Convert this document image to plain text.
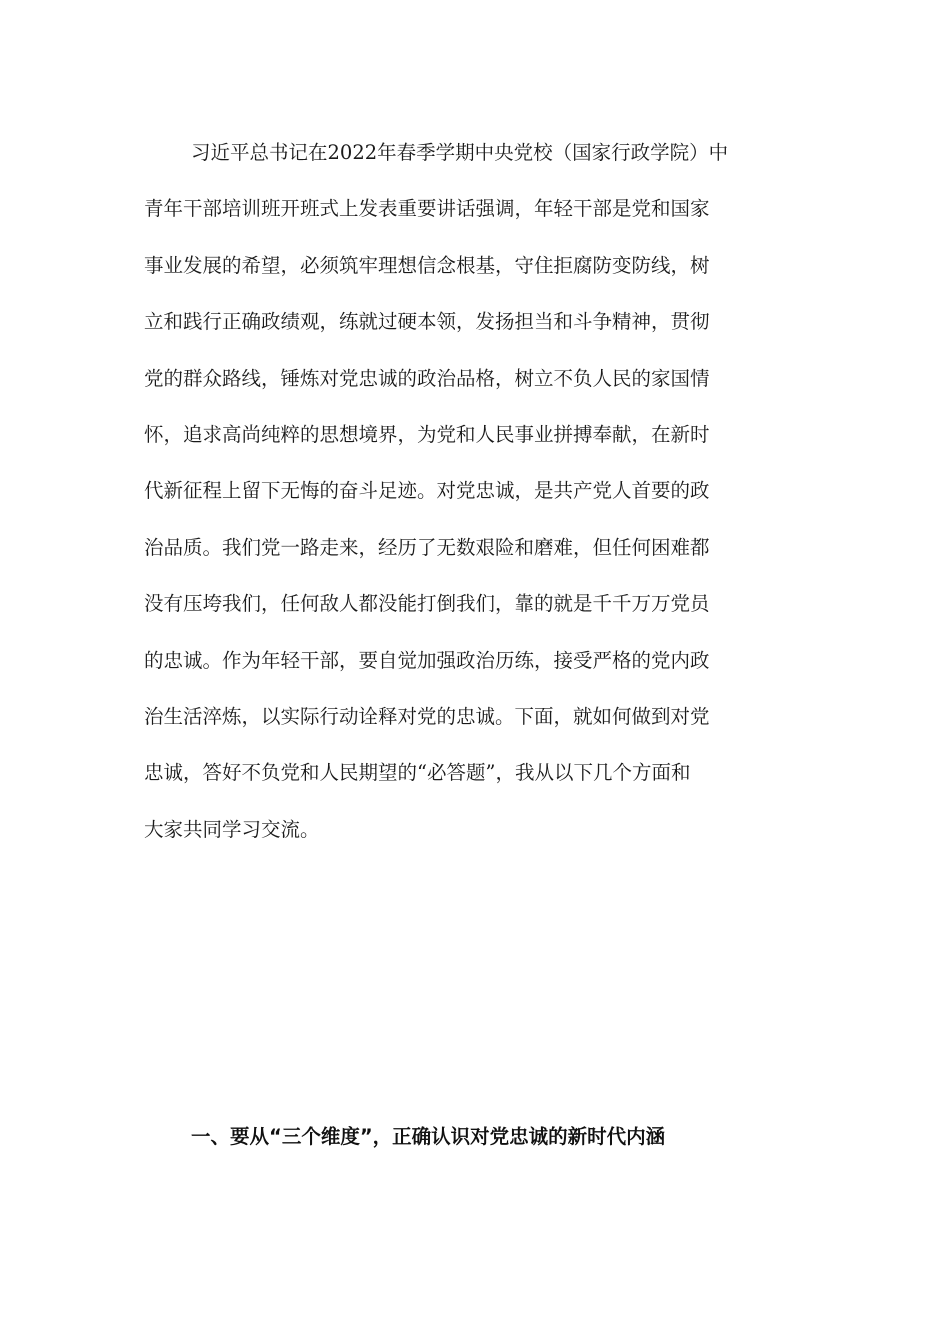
习近平总书记在2022年春季学期中央党校（国家行政学院）中
青年干部培训班开班式上发表重要讲话强调，年轻干部是党和国家
事业发展的希望，必须筑牢理想信念根基，守住拒腐防变防线，树
立和践行正确政绩观，练就过硬本领，发扬担当和斗争精神，贯彻
党的群众路线，锤炼对党忠诚的政治品格，树立不负人民的家国情
怀，追求高尚纯粹的思想境界，为党和人民事业拼搏奉献，在新时
代新征程上留下无悔的奋斗足迹。对党忠诚，是共产党人首要的政
治品质。我们党一路走来，经历了无数艰险和磨难，但任何困难都
没有压垮我们，任何敌人都没能打倒我们，靠的就是千千万万党员
的忠诚。作为年轻干部，要自觉加强政治历练，接受严格的党内政
治生活淬炼，以实际行动诠释对党的忠诚。下面，就如何做到对党
忠诚，答好不负党和人民期望的“必答题”，我从以下几个方面和
大家共同学习交流。
一、要从“三个维度”，正确认识对党忠诚的新时代内涵
